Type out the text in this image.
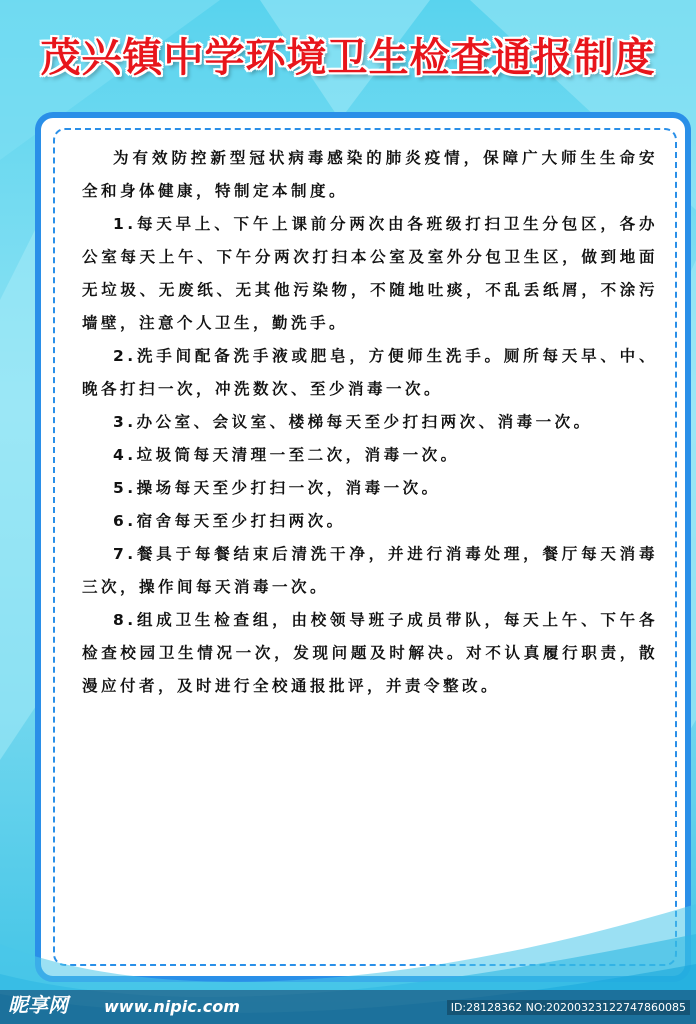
茂兴镇中学环境卫生检查通报制度

为有效防控新型冠状病毒感染的肺炎疫情，保障广大师生生命安全和身体健康，特制定本制度。

1.每天早上、下午上课前分两次由各班级打扫卫生分包区，各办公室每天上午、下午分两次打扫本公室及室外分包卫生区，做到地面无垃圾、无废纸、无其他污染物，不随地吐痰，不乱丢纸屑，不涂污墙壁，注意个人卫生，勤洗手。

2.洗手间配备洗手液或肥皂，方便师生洗手。厕所每天早、中、晚各打扫一次，冲洗数次、至少消毒一次。

3.办公室、会议室、楼梯每天至少打扫两次、消毒一次。

4.垃圾筒每天清理一至二次，消毒一次。

5.操场每天至少打扫一次，消毒一次。

6.宿舍每天至少打扫两次。

7.餐具于每餐结束后清洗干净，并进行消毒处理，餐厅每天消毒三次，操作间每天消毒一次。

8.组成卫生检查组，由校领导班子成员带队，每天上午、下午各检查校园卫生情况一次，发现问题及时解决。对不认真履行职责，散漫应付者，及时进行全校通报批评，并责令整改。

昵享网 www.nipic.com	ID:28128362 NO:20200323122747860085
